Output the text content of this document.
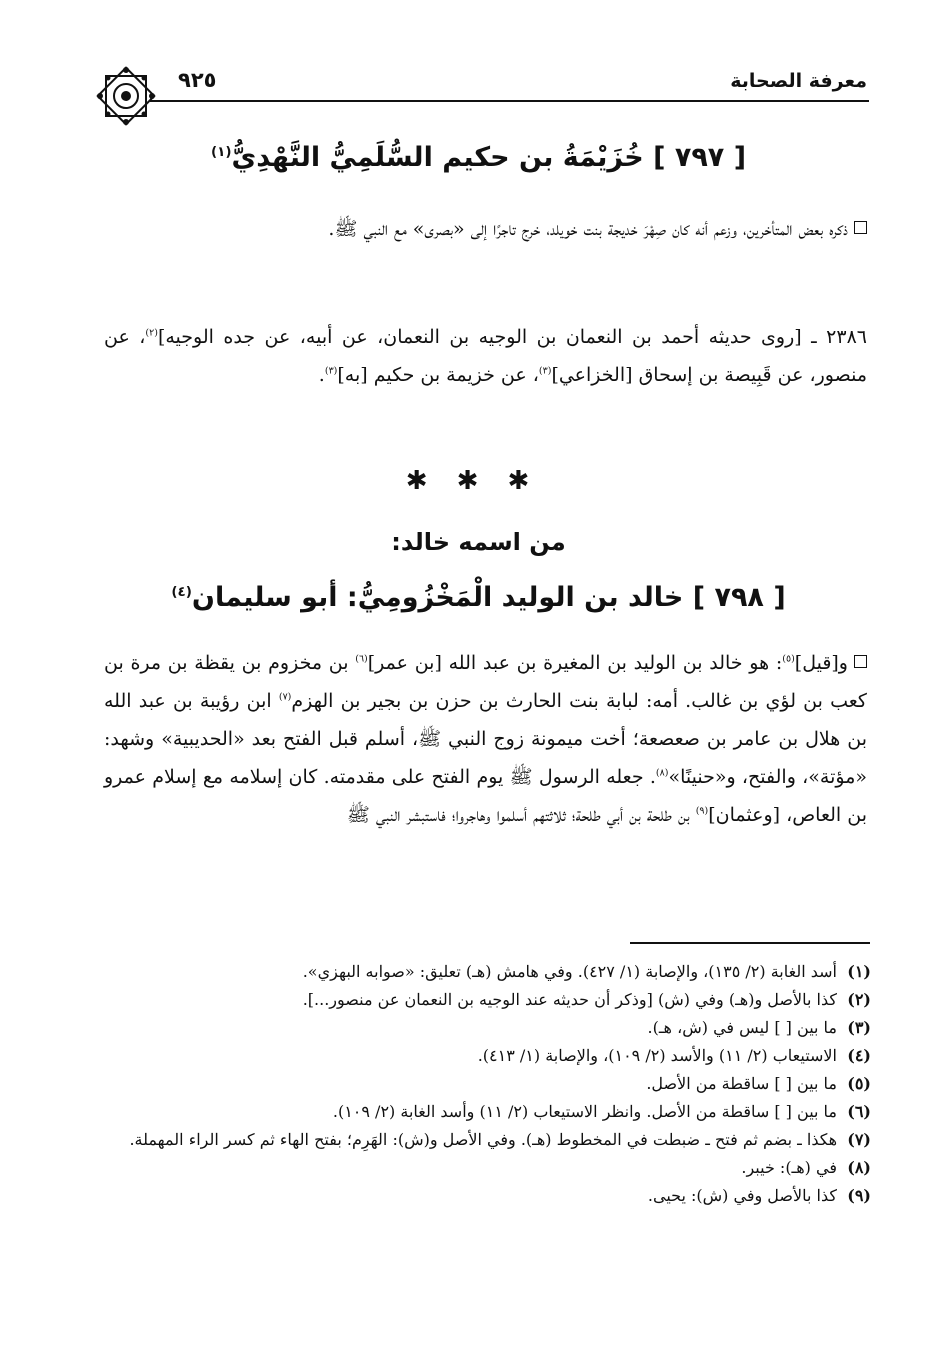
معرفة الصحابة
٩٢٥
[ ٧٩٧ ] خُزَيْمَةُ بن حكيم السُّلَمِيُّ النَّهْدِيُّ$^{(١)}$
ذكره بعض المتأخرين، وزعم أنه كان صِهْرَ خديجة بنت خويلد، خرج تاجرًا إلى «بصرى» مع النبي ﷺ.
٢٣٨٦ ـ [روى حديثه أحمد بن النعمان بن الوجيه بن النعمان، عن أبيه، عن جده الوجيه]$^{(٢)}$، عن منصور، عن قَبِيصة بن إسحاق [الخزاعي]$^{(٣)}$، عن خزيمة بن حكيم [به]$^{(٣)}$.
✱ ✱ ✱
من اسمه خالد:
[ ٧٩٨ ] خالد بن الوليد الْمَخْزُومِيُّ: أبو سليمان$^{(٤)}$
و[قيل]$^{(٥)}$: هو خالد بن الوليد بن المغيرة بن عبد الله [بن عمر]$^{(٦)}$ بن مخزوم بن يقظة بن مرة بن كعب بن لؤي بن غالب. أمه: لبابة بنت الحارث بن حزن بن بجير بن الهزم$^{(٧)}$ ابن رؤيبة بن عبد الله بن هلال بن عامر بن صعصعة؛ أخت ميمونة زوج النبي ﷺ، أسلم قبل الفتح بعد «الحديبية» وشهد: «مؤتة»، والفتح، و«حنينًا»$^{(٨)}$. جعله الرسول ﷺ يوم الفتح على مقدمته. كان إسلامه مع إسلام عمرو بن العاص، [وعثمان]$^{(٩)}$ بن طلحة بن أبي طلحة؛ ثلاثتهم أسلموا وهاجروا؛ فاستبشر النبي ﷺ
(١)
أسد الغابة (٢/ ١٣٥)، والإصابة (١/ ٤٢٧). وفي هامش (هـ) تعليق: «صوابه البهزي».
(٢)
كذا بالأصل و(هـ) وفي (ش) [وذكر أن حديثه عند الوجيه بن النعمان عن منصور...].
(٣)
ما بين [ ] ليس في (ش، هـ).
(٤)
الاستيعاب (٢/ ١١) والأسد (٢/ ١٠٩)، والإصابة (١/ ٤١٣).
(٥)
ما بين [ ] ساقطة من الأصل.
(٦)
ما بين [ ] ساقطة من الأصل. وانظر الاستيعاب (٢/ ١١) وأسد الغابة (٢/ ١٠٩).
(٧)
هكذا ـ بضم ثم فتح ـ ضبطت في المخطوط (هـ). وفي الأصل و(ش): الهَرِم؛ بفتح الهاء ثم كسر الراء المهملة.
(٨)
في (هـ): خيبر.
(٩)
كذا بالأصل وفي (ش): يحيى.
